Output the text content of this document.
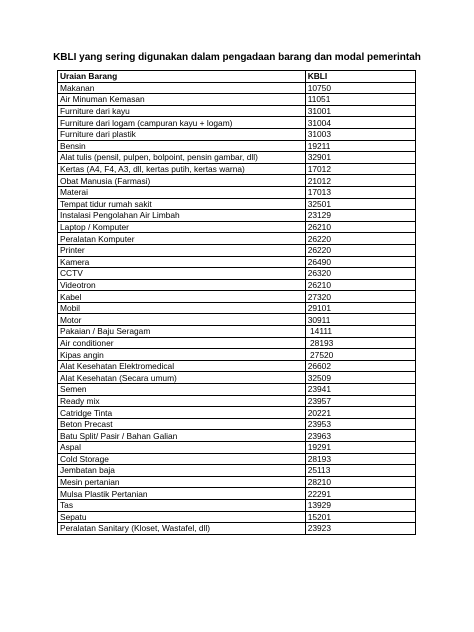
KBLI yang sering digunakan dalam pengadaan barang dan modal pemerintah
Uraian Barang	KBLI
Makanan	10750
Air Minuman Kemasan	11051
Furniture dari kayu	31001
Furniture dari logam (campuran kayu + logam)	31004
Furniture dari plastik	31003
Bensin	19211
Alat tulis (pensil, pulpen, bolpoint, pensin gambar, dll)	32901
Kertas (A4, F4, A3, dll, kertas putih, kertas warna)	17012
Obat Manusia (Farmasi)	21012
Materai	17013
Tempat tidur rumah sakit	32501
Instalasi Pengolahan Air Limbah	23129
Laptop / Komputer	26210
Peralatan Komputer	26220
Printer	26220
Kamera	26490
CCTV	26320
Videotron	26210
Kabel	27320
Mobil	29101
Motor	30911
Pakaian / Baju Seragam	14111
Air conditioner	28193
Kipas angin	27520
Alat Kesehatan Elektromedical	26602
Alat Kesehatan (Secara umum)	32509
Semen	23941
Ready mix	23957
Catridge Tinta	20221
Beton Precast	23953
Batu Split/ Pasir / Bahan Galian	23963
Aspal	19291
Cold Storage	28193
Jembatan baja	25113
Mesin pertanian	28210
Mulsa Plastik Pertanian	22291
Tas	13929
Sepatu	15201
Peralatan Sanitary (Kloset, Wastafel, dll)	23923
